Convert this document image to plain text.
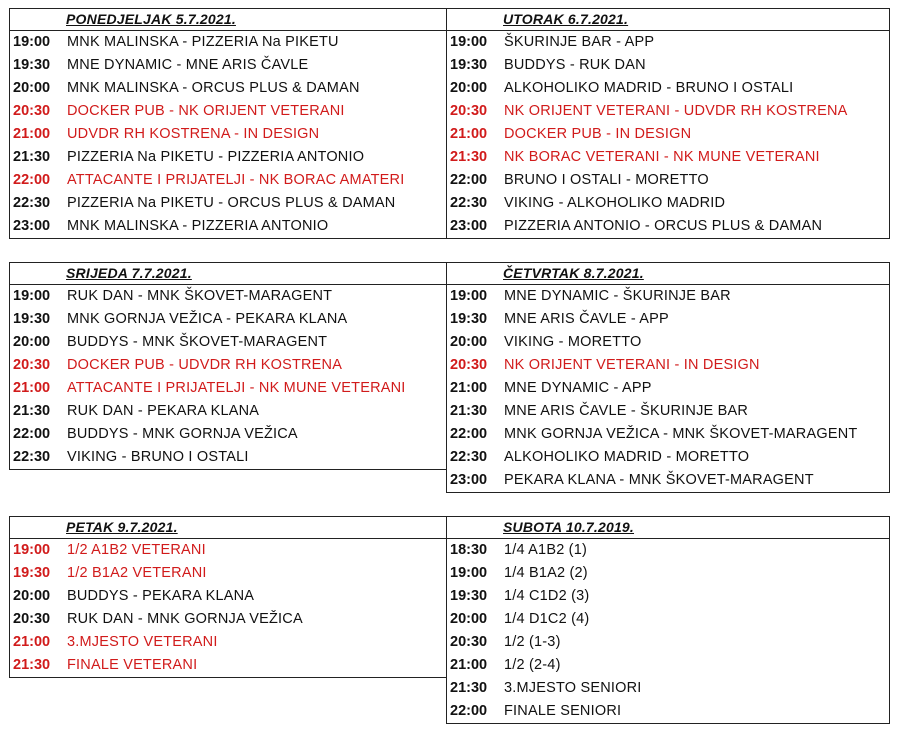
PONEDJELJAK 5.7.2021.
19:00	MNK MALINSKA - PIZZERIA Na PIKETU
19:30	MNE DYNAMIC - MNE ARIS ČAVLE
20:00	MNK MALINSKA - ORCUS PLUS & DAMAN
20:30	DOCKER PUB - NK ORIJENT VETERANI
21:00	UDVDR RH KOSTRENA - IN DESIGN
21:30	PIZZERIA Na PIKETU - PIZZERIA ANTONIO
22:00	ATTACANTE I PRIJATELJI - NK BORAC AMATERI
22:30	PIZZERIA Na PIKETU - ORCUS PLUS & DAMAN
23:00	MNK MALINSKA - PIZZERIA ANTONIO
UTORAK 6.7.2021.
19:00	ŠKURINJE BAR - APP
19:30	BUDDYS - RUK DAN
20:00	ALKOHOLIKO MADRID - BRUNO I OSTALI
20:30	NK ORIJENT VETERANI - UDVDR RH KOSTRENA
21:00	DOCKER PUB - IN DESIGN
21:30	NK BORAC VETERANI - NK MUNE VETERANI
22:00	BRUNO I OSTALI - MORETTO
22:30	VIKING - ALKOHOLIKO MADRID
23:00	PIZZERIA ANTONIO - ORCUS PLUS & DAMAN
SRIJEDA 7.7.2021.
19:00	RUK DAN - MNK ŠKOVET-MARAGENT
19:30	MNK GORNJA VEŽICA - PEKARA KLANA
20:00	BUDDYS - MNK ŠKOVET-MARAGENT
20:30	DOCKER PUB - UDVDR RH KOSTRENA
21:00	ATTACANTE I PRIJATELJI - NK MUNE VETERANI
21:30	RUK DAN - PEKARA KLANA
22:00	BUDDYS - MNK GORNJA VEŽICA
22:30	VIKING - BRUNO I OSTALI
ČETVRTAK 8.7.2021.
19:00	MNE DYNAMIC - ŠKURINJE BAR
19:30	MNE ARIS ČAVLE - APP
20:00	VIKING - MORETTO
20:30	NK ORIJENT VETERANI - IN DESIGN
21:00	MNE DYNAMIC - APP
21:30	MNE ARIS ČAVLE - ŠKURINJE BAR
22:00	MNK GORNJA VEŽICA - MNK ŠKOVET-MARAGENT
22:30	ALKOHOLIKO MADRID - MORETTO
23:00	PEKARA KLANA - MNK ŠKOVET-MARAGENT
PETAK 9.7.2021.
19:00	1/2 A1B2 VETERANI
19:30	1/2 B1A2 VETERANI
20:00	BUDDYS - PEKARA KLANA
20:30	RUK DAN - MNK GORNJA VEŽICA
21:00	3.MJESTO VETERANI
21:30	FINALE VETERANI
SUBOTA 10.7.2019.
18:30	1/4 A1B2 (1)
19:00	1/4 B1A2 (2)
19:30	1/4 C1D2 (3)
20:00	1/4 D1C2 (4)
20:30	1/2 (1-3)
21:00	1/2 (2-4)
21:30	3.MJESTO SENIORI
22:00	FINALE SENIORI
